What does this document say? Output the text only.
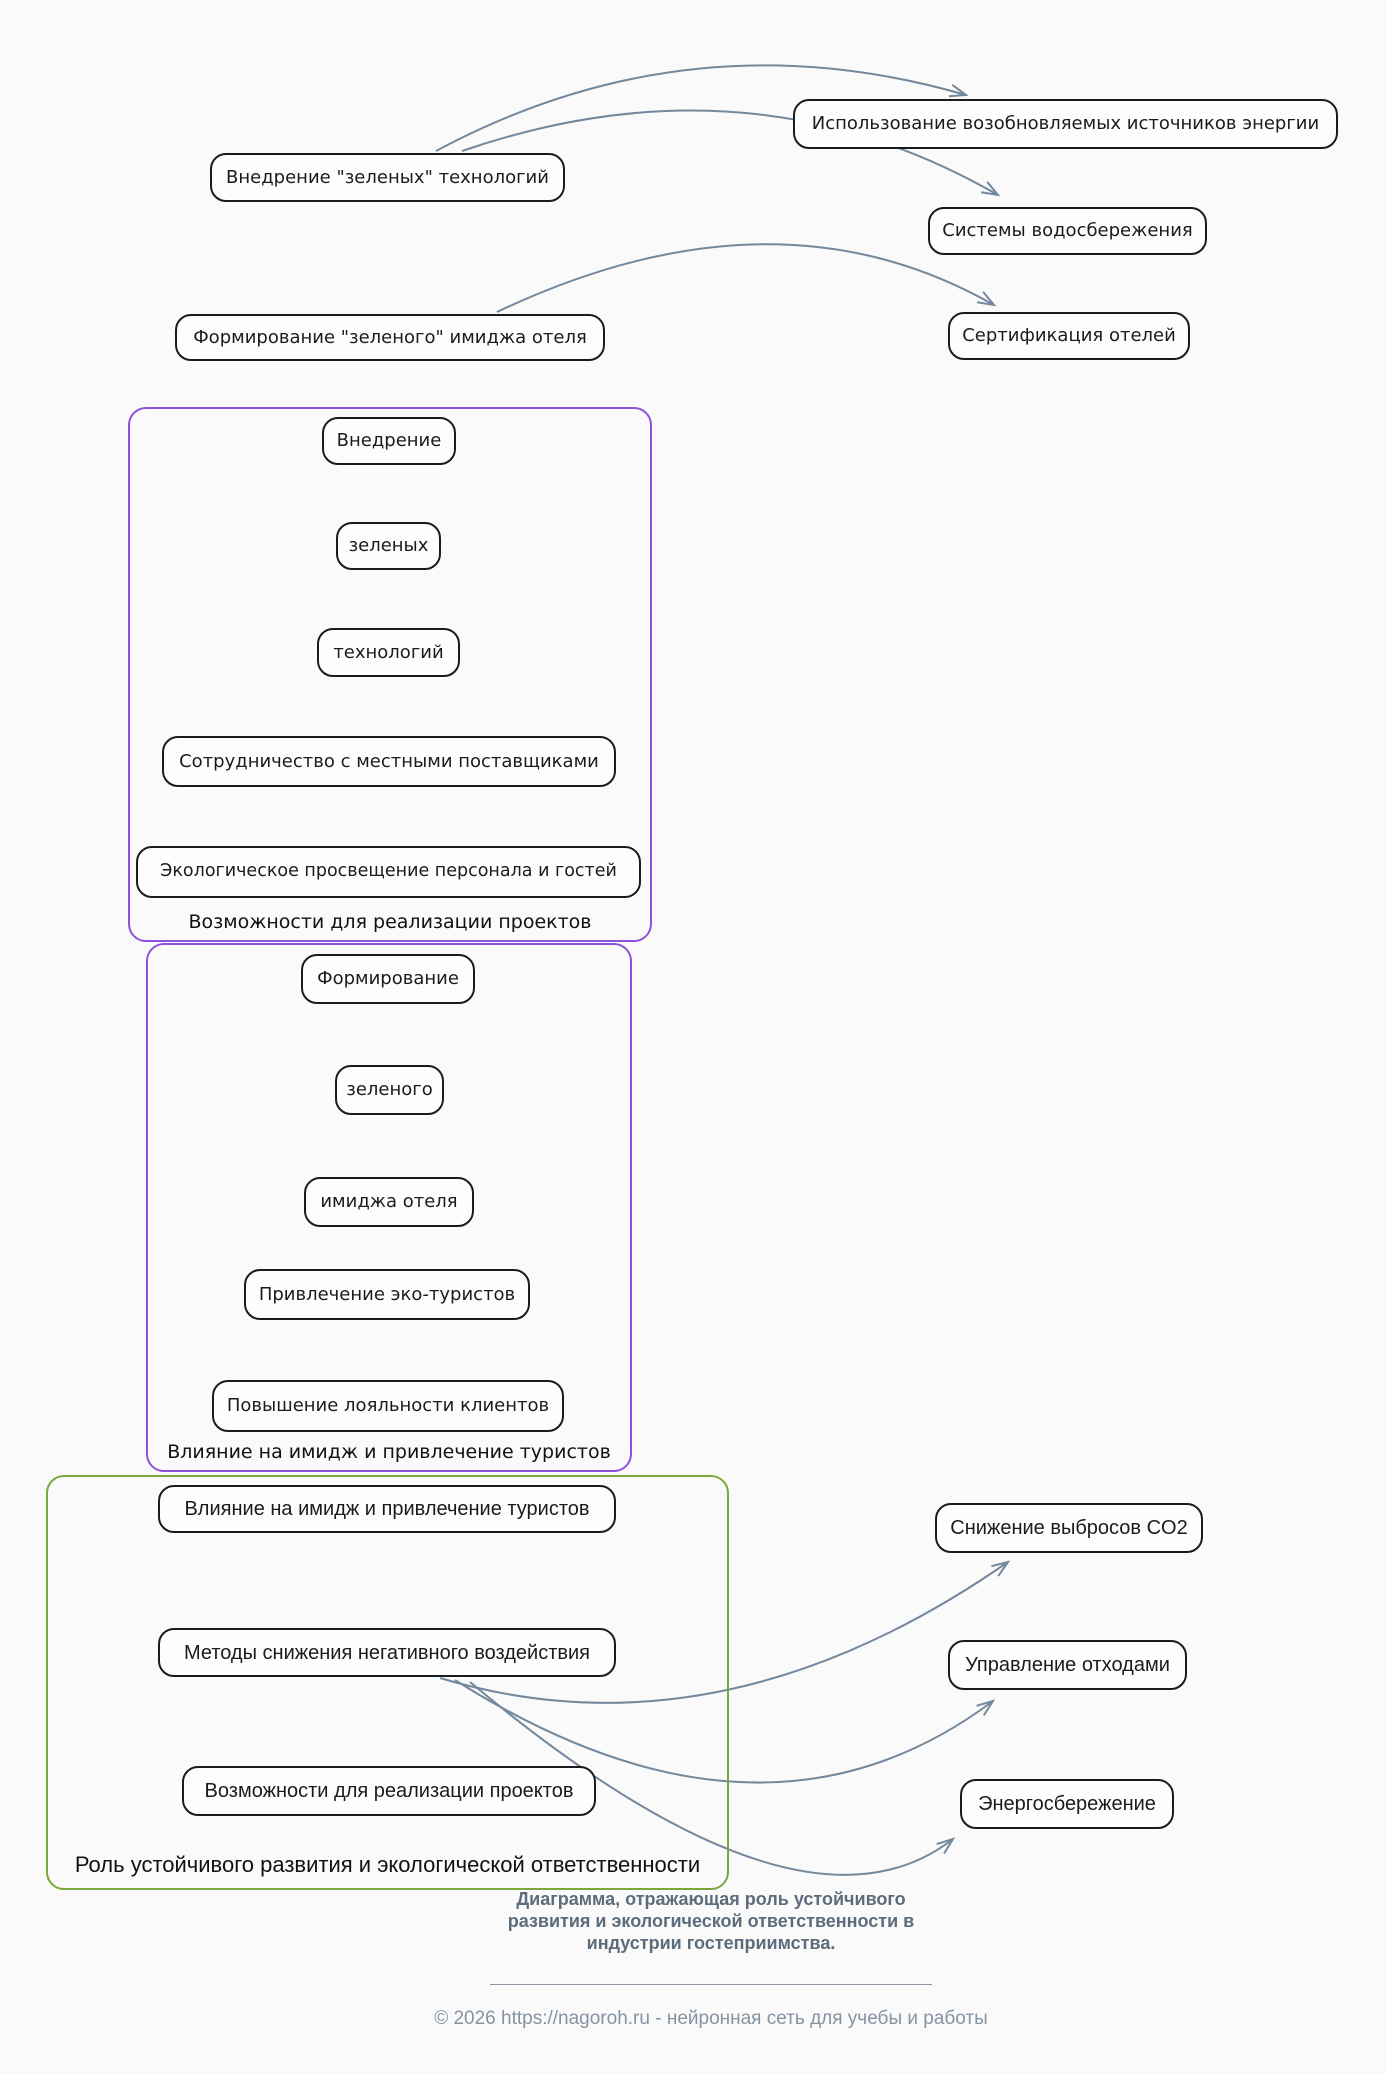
Внедрение "зеленых" технологий
Использование возобновляемых источников энергии
Системы водосбережения
Формирование "зеленого" имиджа отеля	Сертификация отелей
Возможности для реализации проектов
Внедрение
зеленых
технологий
Сотрудничество с местными поставщиками
Экологическое просвещение персонала и гостей
Влияние на имидж и привлечение туристов
Формирование
зеленого
имиджа отеля
Привлечение эко-туристов
Повышение лояльности клиентов
Роль устойчивого развития и экологической ответственности
Влияние на имидж и привлечение туристов
Методы снижения негативного воздействия
Возможности для реализации проектов
Снижение выбросов CO2
Управление отходами
Энергосбережение
Диаграмма, отражающая роль устойчивого
развития и экологической ответственности в
индустрии гостеприимства.
© 2026 https://nagoroh.ru - нейронная сеть для учебы и работы
